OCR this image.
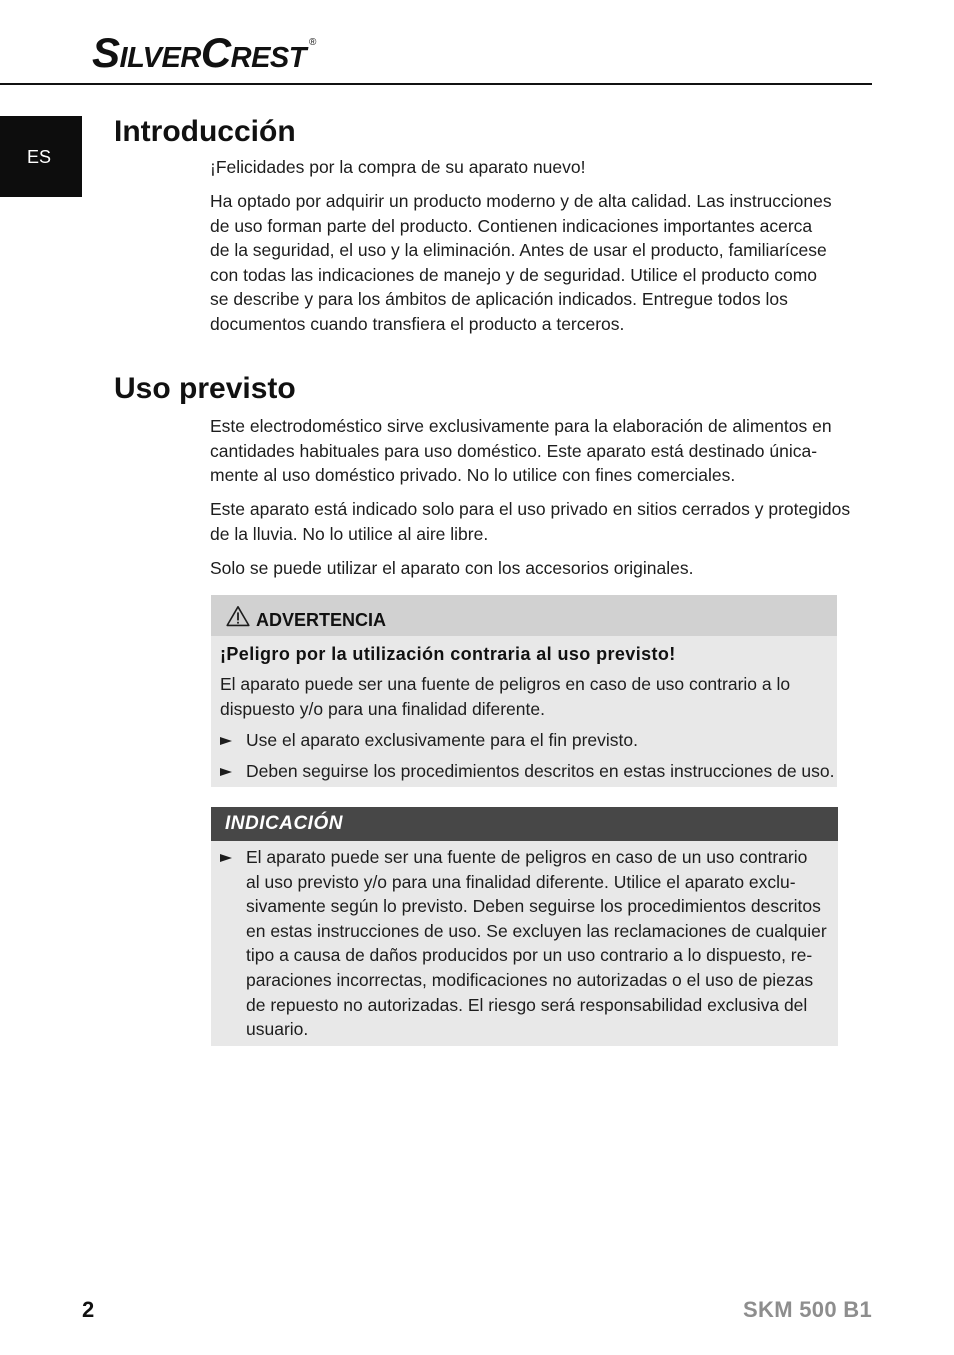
SilverCrest ®
ES
Introducción
¡Felicidades por la compra de su aparato nuevo!
Ha optado por adquirir un producto moderno y de alta calidad. Las instrucciones
de uso forman parte del producto. Contienen indicaciones importantes acerca
de la seguridad, el uso y la eliminación. Antes de usar el producto, familiarícese
con todas las indicaciones de manejo y de seguridad. Utilice el producto como
se describe y para los ámbitos de aplicación indicados. Entregue todos los
documentos cuando transfiera el producto a terceros.
Uso previsto
Este electrodoméstico sirve exclusivamente para la elaboración de alimentos en
cantidades habituales para uso doméstico. Este aparato está destinado única-
mente al uso doméstico privado. No lo utilice con fines comerciales.
Este aparato está indicado solo para el uso privado en sitios cerrados y protegidos
de la lluvia. No lo utilice al aire libre.
Solo se puede utilizar el aparato con los accesorios originales.
ADVERTENCIA
¡Peligro por la utilización contraria al uso previsto!
El aparato puede ser una fuente de peligros en caso de uso contrario a lo
dispuesto y/o para una finalidad diferente.
Use el aparato exclusivamente para el fin previsto.
Deben seguirse los procedimientos descritos en estas instrucciones de uso.
INDICACIÓN
El aparato puede ser una fuente de peligros en caso de un uso contrario
al uso previsto y/o para una finalidad diferente. Utilice el aparato exclu-
sivamente según lo previsto. Deben seguirse los procedimientos descritos
en estas instrucciones de uso. Se excluyen las reclamaciones de cualquier
tipo a causa de daños producidos por un uso contrario a lo dispuesto, re-
paraciones incorrectas, modificaciones no autorizadas o el uso de piezas
de repuesto no autorizadas. El riesgo será responsabilidad exclusiva del
usuario.
2	SKM 500 B1
